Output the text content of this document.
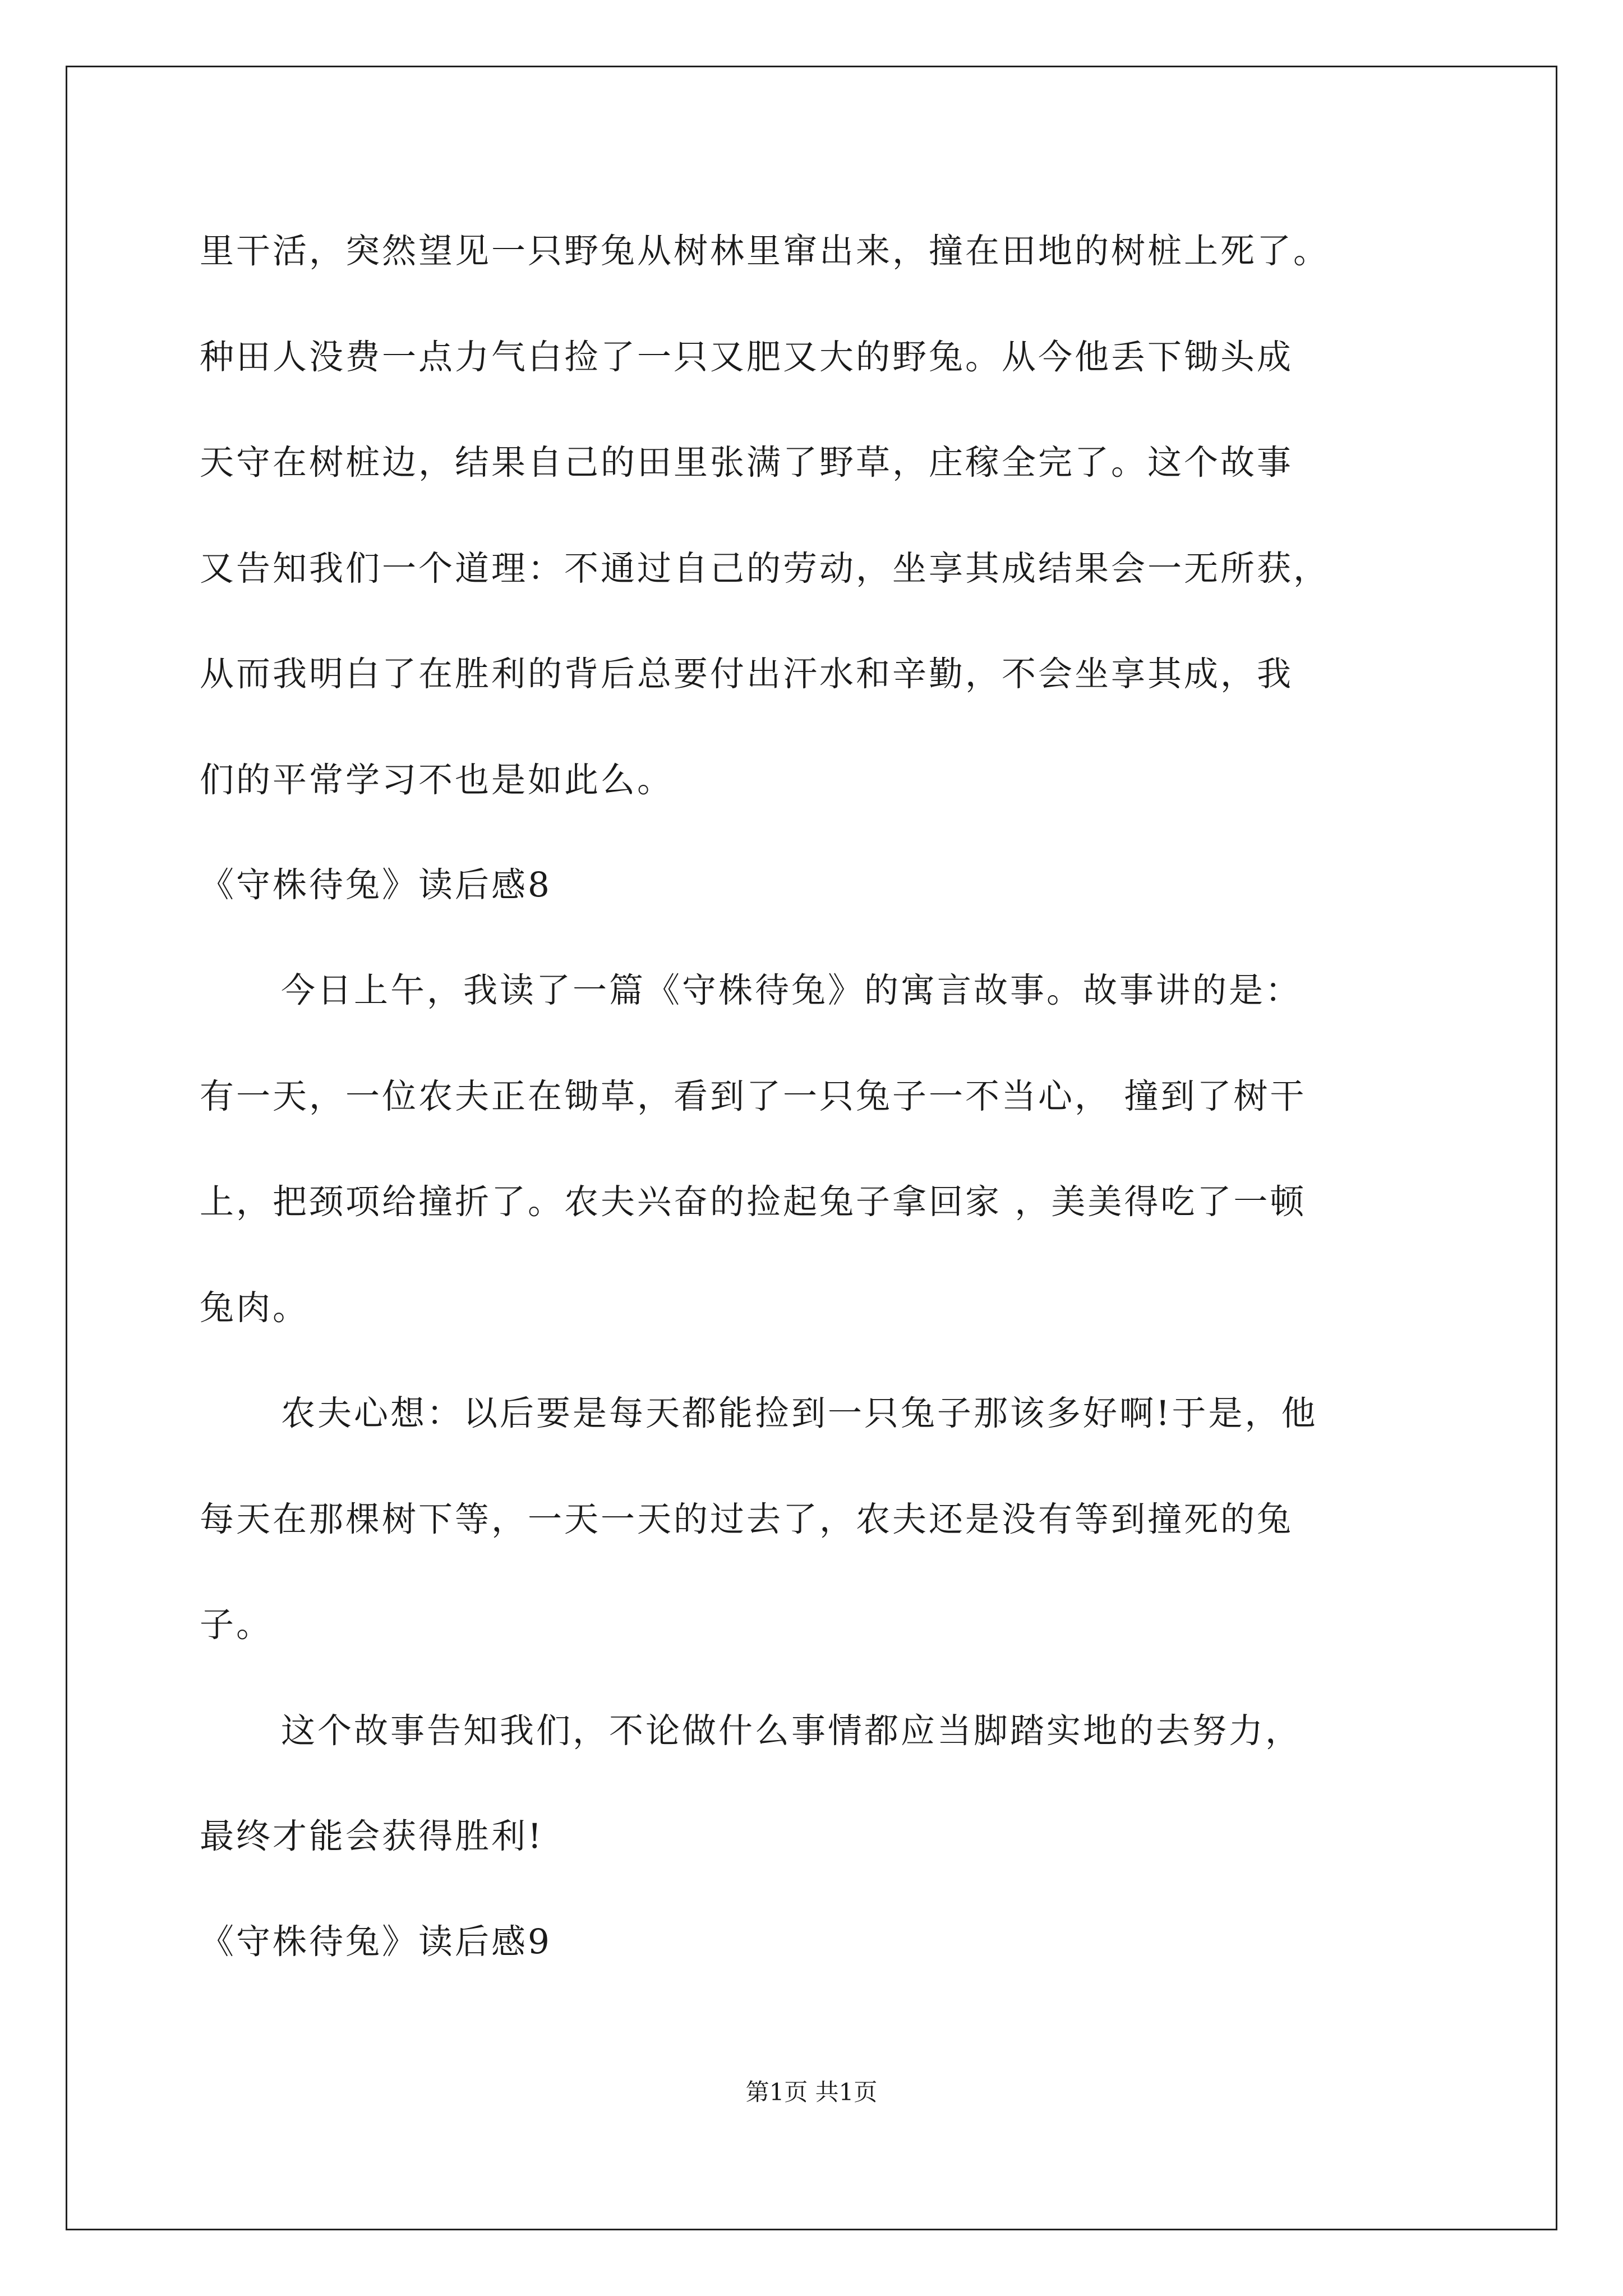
里干活，突然望见一只野兔从树林里窜出来，撞在田地的树桩上死了。
种田人没费一点力气白捡了一只又肥又大的野兔。从今他丢下锄头成
天守在树桩边，结果自己的田里张满了野草，庄稼全完了。这个故事
又告知我们一个道理：不通过自己的劳动，坐享其成结果会一无所获，
从而我明白了在胜利的背后总要付出汗水和辛勤，不会坐享其成，我
们的平常学习不也是如此么。
《守株待兔》读后感8
今日上午，我读了一篇《守株待兔》的寓言故事。故事讲的是：
有一天，一位农夫正在锄草，看到了一只兔子一不当心， 撞到了树干
上，把颈项给撞折了。农夫兴奋的捡起兔子拿回家 ，美美得吃了一顿
兔肉。
农夫心想：以后要是每天都能捡到一只兔子那该多好啊!于是，他
每天在那棵树下等，一天一天的过去了，农夫还是没有等到撞死的兔
子。
这个故事告知我们，不论做什么事情都应当脚踏实地的去努力，
最终才能会获得胜利!
《守株待兔》读后感9
第1页 共1页
